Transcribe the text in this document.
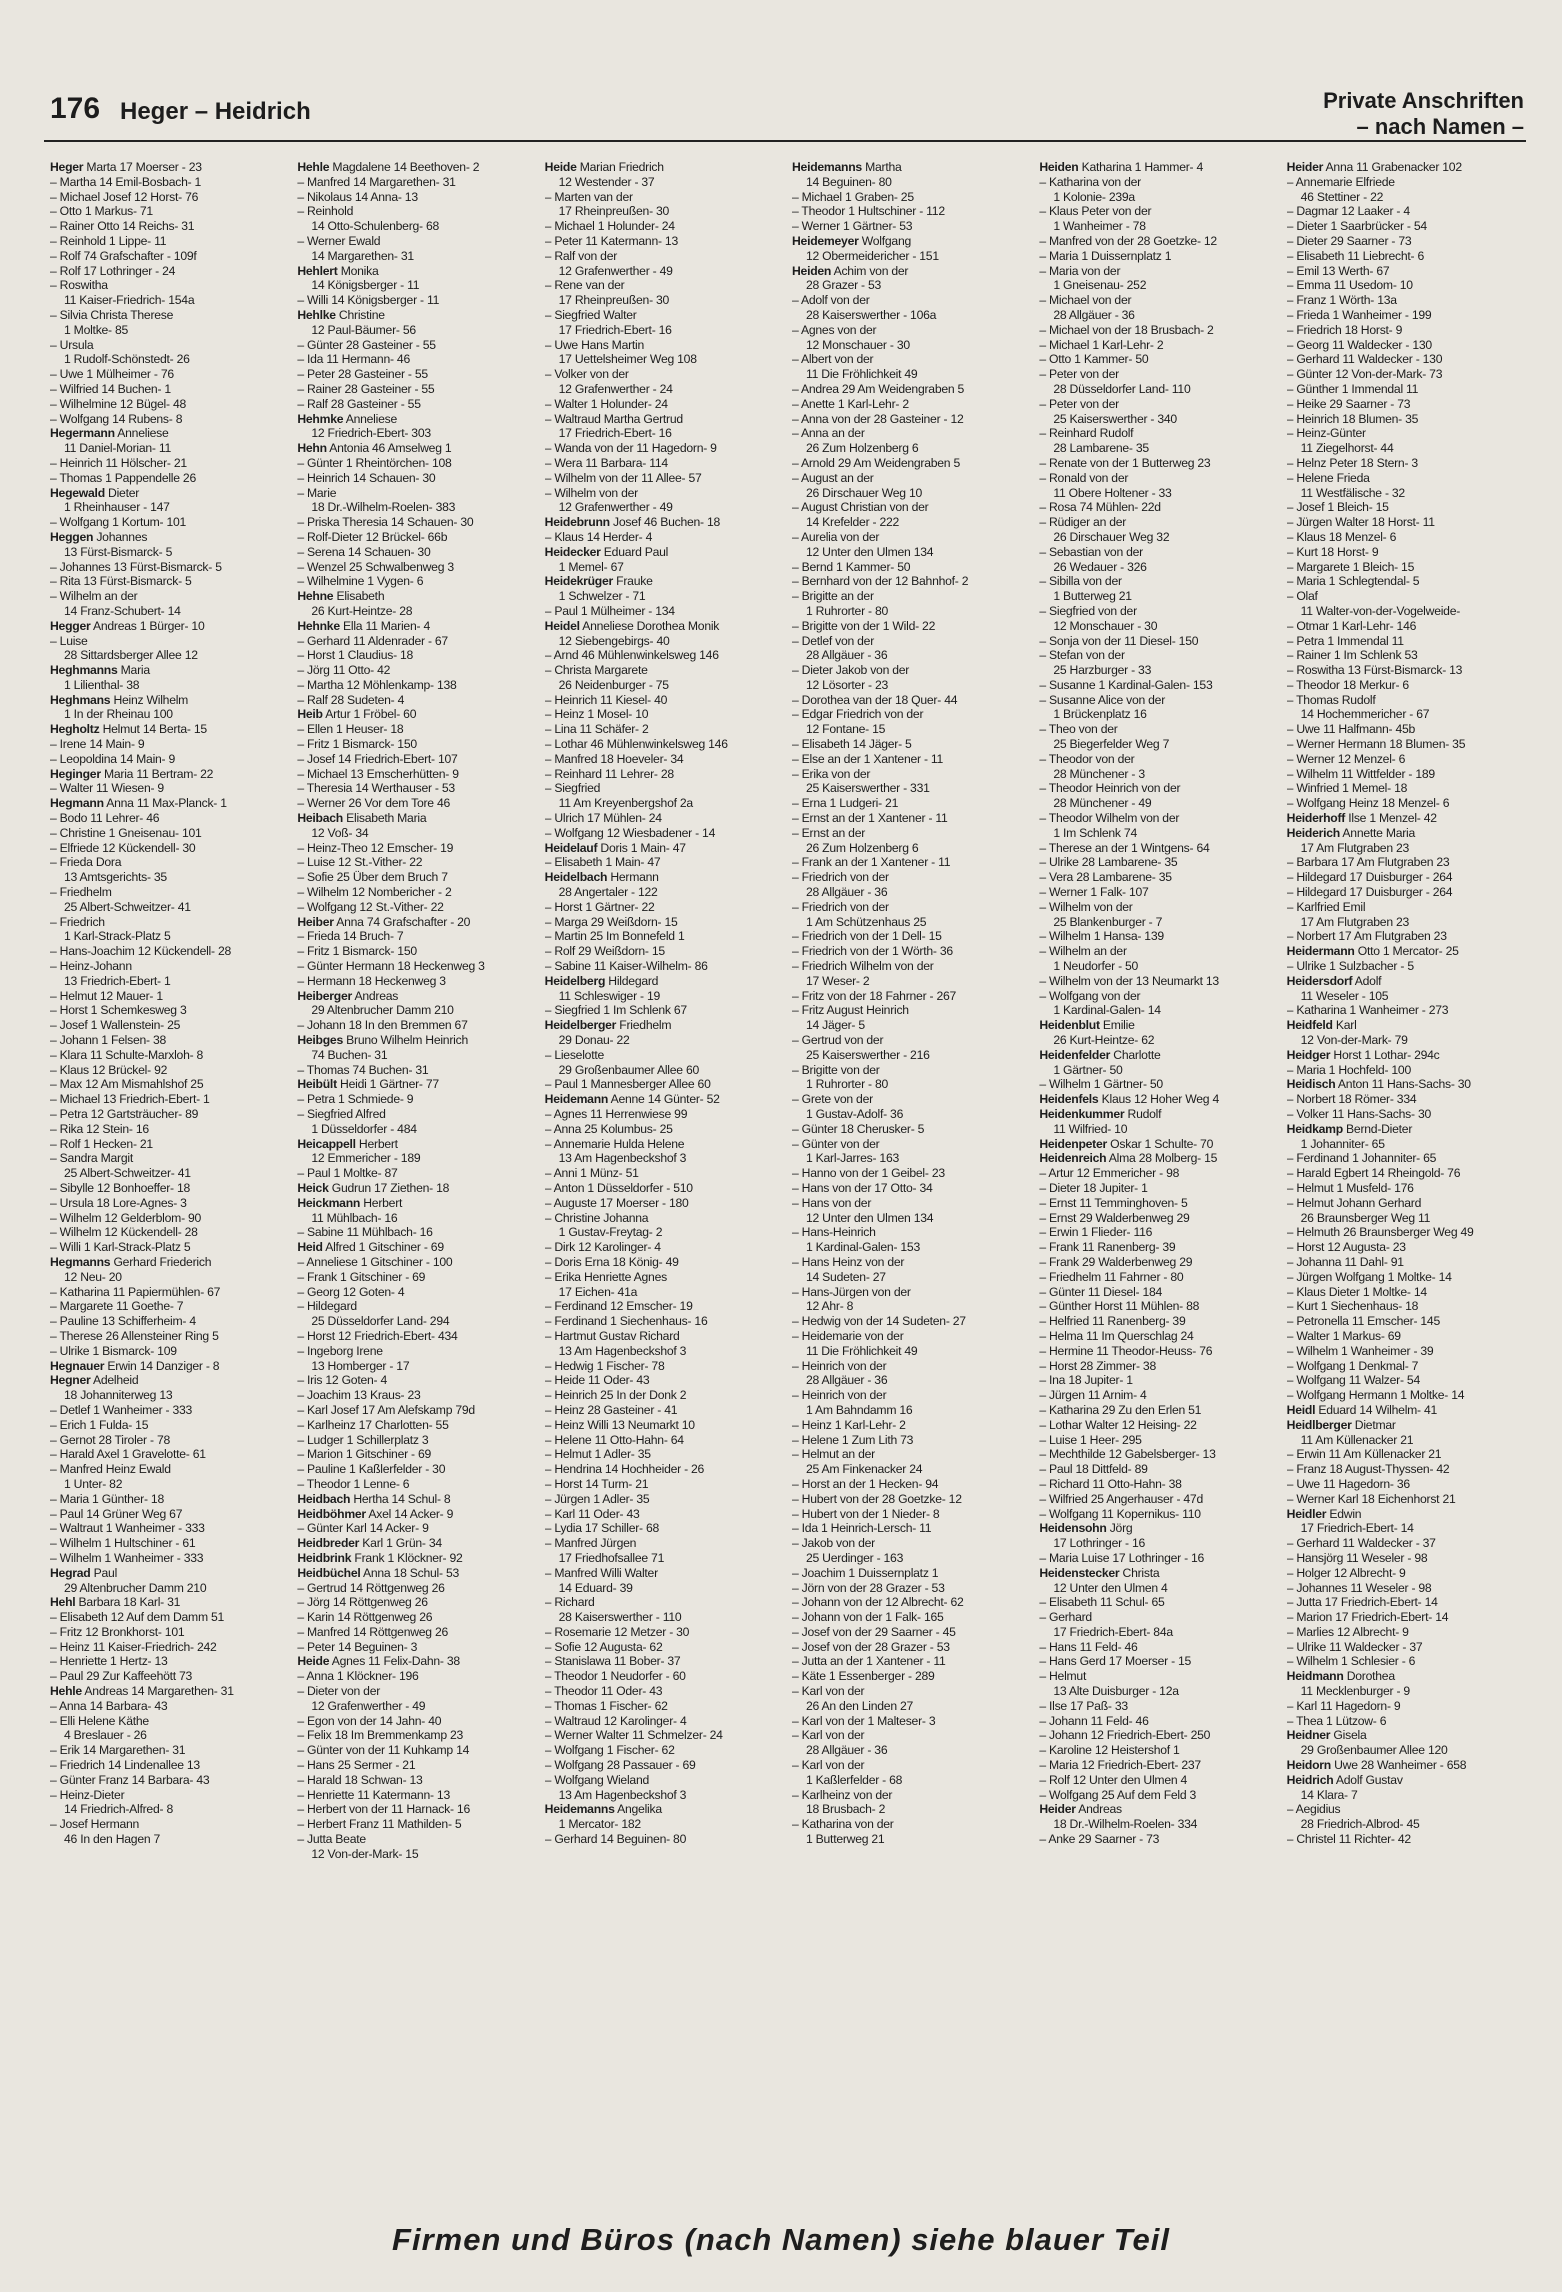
176 Heger – Heidrich	Private Anschriften
– nach Namen –
Heger Marta 17 Moerser - 23
– Martha 14 Emil-Bosbach- 1
– Michael Josef 12 Horst- 76
– Otto 1 Markus- 71
– Rainer Otto 14 Reichs- 31
– Reinhold 1 Lippe- 11
– Rolf 74 Grafschafter - 109f
– Rolf 17 Lothringer - 24
– Roswitha
11 Kaiser-Friedrich- 154a
– Silvia Christa Therese
1 Moltke- 85
– Ursula
1 Rudolf-Schönstedt- 26
– Uwe 1 Mülheimer - 76
– Wilfried 14 Buchen- 1
– Wilhelmine 12 Bügel- 48
– Wolfgang 14 Rubens- 8
Hegermann Anneliese
11 Daniel-Morian- 11
– Heinrich 11 Hölscher- 21
– Thomas 1 Pappendelle 26
Hegewald Dieter
1 Rheinhauser - 147
– Wolfgang 1 Kortum- 101
Heggen Johannes
13 Fürst-Bismarck- 5
– Johannes 13 Fürst-Bismarck- 5
– Rita 13 Fürst-Bismarck- 5
– Wilhelm an der
14 Franz-Schubert- 14
Hegger Andreas 1 Bürger- 10
– Luise
28 Sittardsberger Allee 12
Heghmanns Maria
1 Lilienthal- 38
Heghmans Heinz Wilhelm
1 In der Rheinau 100
Hegholtz Helmut 14 Berta- 15
– Irene 14 Main- 9
– Leopoldina 14 Main- 9
Heginger Maria 11 Bertram- 22
– Walter 11 Wiesen- 9
Hegmann Anna 11 Max-Planck- 1
– Bodo 11 Lehrer- 46
– Christine 1 Gneisenau- 101
– Elfriede 12 Kückendell- 30
– Frieda Dora
13 Amtsgerichts- 35
– Friedhelm
25 Albert-Schweitzer- 41
– Friedrich
1 Karl-Strack-Platz 5
– Hans-Joachim 12 Kückendell- 28
– Heinz-Johann
13 Friedrich-Ebert- 1
– Helmut 12 Mauer- 1
– Horst 1 Schemkesweg 3
– Josef 1 Wallenstein- 25
– Johann 1 Felsen- 38
– Klara 11 Schulte-Marxloh- 8
– Klaus 12 Brückel- 92
– Max 12 Am Mismahlshof 25
– Michael 13 Friedrich-Ebert- 1
– Petra 12 Gartsträucher- 89
– Rika 12 Stein- 16
– Rolf 1 Hecken- 21
– Sandra Margit
25 Albert-Schweitzer- 41
– Sibylle 12 Bonhoeffer- 18
– Ursula 18 Lore-Agnes- 3
– Wilhelm 12 Gelderblom- 90
– Wilhelm 12 Kückendell- 28
– Willi 1 Karl-Strack-Platz 5
Hegmanns Gerhard Friederich
12 Neu- 20
– Katharina 11 Papiermühlen- 67
– Margarete 11 Goethe- 7
– Pauline 13 Schifferheim- 4
– Therese 26 Allensteiner Ring 5
– Ulrike 1 Bismarck- 109
Hegnauer Erwin 14 Danziger - 8
Hegner Adelheid
18 Johanniterweg 13
– Detlef 1 Wanheimer - 333
– Erich 1 Fulda- 15
– Gernot 28 Tiroler - 78
– Harald Axel 1 Gravelotte- 61
– Manfred Heinz Ewald
1 Unter- 82
– Maria 1 Günther- 18
– Paul 14 Grüner Weg 67
– Waltraut 1 Wanheimer - 333
– Wilhelm 1 Hultschiner - 61
– Wilhelm 1 Wanheimer - 333
Hegrad Paul
29 Altenbrucher Damm 210
Hehl Barbara 18 Karl- 31
– Elisabeth 12 Auf dem Damm 51
– Fritz 12 Bronkhorst- 101
– Heinz 11 Kaiser-Friedrich- 242
– Henriette 1 Hertz- 13
– Paul 29 Zur Kaffeehött 73
Hehle Andreas 14 Margarethen- 31
– Anna 14 Barbara- 43
– Elli Helene Käthe
4 Breslauer - 26
– Erik 14 Margarethen- 31
– Friedrich 14 Lindenallee 13
– Günter Franz 14 Barbara- 43
– Heinz-Dieter
14 Friedrich-Alfred- 8
– Josef Hermann
46 In den Hagen 7
Hehle Magdalene 14 Beethoven- 2
– Manfred 14 Margarethen- 31
– Nikolaus 14 Anna- 13
– Reinhold
14 Otto-Schulenberg- 68
– Werner Ewald
14 Margarethen- 31
Hehlert Monika
14 Königsberger - 11
– Willi 14 Königsberger - 11
Hehlke Christine
12 Paul-Bäumer- 56
– Günter 28 Gasteiner - 55
– Ida 11 Hermann- 46
– Peter 28 Gasteiner - 55
– Rainer 28 Gasteiner - 55
– Ralf 28 Gasteiner - 55
Hehmke Anneliese
12 Friedrich-Ebert- 303
Hehn Antonia 46 Amselweg 1
– Günter 1 Rheintörchen- 108
– Heinrich 14 Schauen- 30
– Marie
18 Dr.-Wilhelm-Roelen- 383
– Priska Theresia 14 Schauen- 30
– Rolf-Dieter 12 Brückel- 66b
– Serena 14 Schauen- 30
– Wenzel 25 Schwalbenweg 3
– Wilhelmine 1 Vygen- 6
Hehne Elisabeth
26 Kurt-Heintze- 28
Hehnke Ella 11 Marien- 4
– Gerhard 11 Aldenrader - 67
– Horst 1 Claudius- 18
– Jörg 11 Otto- 42
– Martha 12 Möhlenkamp- 138
– Ralf 28 Sudeten- 4
Heib Artur 1 Fröbel- 60
– Ellen 1 Heuser- 18
– Fritz 1 Bismarck- 150
– Josef 14 Friedrich-Ebert- 107
– Michael 13 Emscherhütten- 9
– Theresia 14 Werthauser - 53
– Werner 26 Vor dem Tore 46
Heibach Elisabeth Maria
12 Voß- 34
– Heinz-Theo 12 Emscher- 19
– Luise 12 St.-Vither- 22
– Sofie 25 Über dem Bruch 7
– Wilhelm 12 Nombericher - 2
– Wolfgang 12 St.-Vither- 22
Heiber Anna 74 Grafschafter - 20
– Frieda 14 Bruch- 7
– Fritz 1 Bismarck- 150
– Günter Hermann 18 Heckenweg 3
– Hermann 18 Heckenweg 3
Heiberger Andreas
29 Altenbrucher Damm 210
– Johann 18 In den Bremmen 67
Heibges Bruno Wilhelm Heinrich
74 Buchen- 31
– Thomas 74 Buchen- 31
Heibült Heidi 1 Gärtner- 77
– Petra 1 Schmiede- 9
– Siegfried Alfred
1 Düsseldorfer - 484
Heicappell Herbert
12 Emmericher - 189
– Paul 1 Moltke- 87
Heick Gudrun 17 Ziethen- 18
Heickmann Herbert
11 Mühlbach- 16
– Sabine 11 Mühlbach- 16
Heid Alfred 1 Gitschiner - 69
– Anneliese 1 Gitschiner - 100
– Frank 1 Gitschiner - 69
– Georg 12 Goten- 4
– Hildegard
25 Düsseldorfer Land- 294
– Horst 12 Friedrich-Ebert- 434
– Ingeborg Irene
13 Homberger - 17
– Iris 12 Goten- 4
– Joachim 13 Kraus- 23
– Karl Josef 17 Am Alefskamp 79d
– Karlheinz 17 Charlotten- 55
– Ludger 1 Schillerplatz 3
– Marion 1 Gitschiner - 69
– Pauline 1 Kaßlerfelder - 30
– Theodor 1 Lenne- 6
Heidbach Hertha 14 Schul- 8
Heidböhmer Axel 14 Acker- 9
– Günter Karl 14 Acker- 9
Heidbreder Karl 1 Grün- 34
Heidbrink Frank 1 Klöckner- 92
Heidbüchel Anna 18 Schul- 53
– Gertrud 14 Röttgenweg 26
– Jörg 14 Röttgenweg 26
– Karin 14 Röttgenweg 26
– Manfred 14 Röttgenweg 26
– Peter 14 Beguinen- 3
Heide Agnes 11 Felix-Dahn- 38
– Anna 1 Klöckner- 196
– Dieter von der
12 Grafenwerther - 49
– Egon von der 14 Jahn- 40
– Felix 18 Im Bremmenkamp 23
– Günter von der 11 Kuhkamp 14
– Hans 25 Sermer - 21
– Harald 18 Schwan- 13
– Henriette 11 Katermann- 13
– Herbert von der 11 Harnack- 16
– Herbert Franz 11 Mathilden- 5
– Jutta Beate
12 Von-der-Mark- 15
Heide Marian Friedrich
12 Westender - 37
– Marten van der
17 Rheinpreußen- 30
– Michael 1 Holunder- 24
– Peter 11 Katermann- 13
– Ralf von der
12 Grafenwerther - 49
– Rene van der
17 Rheinpreußen- 30
– Siegfried Walter
17 Friedrich-Ebert- 16
– Uwe Hans Martin
17 Uettelsheimer Weg 108
– Volker von der
12 Grafenwerther - 24
– Walter 1 Holunder- 24
– Waltraud Martha Gertrud
17 Friedrich-Ebert- 16
– Wanda von der 11 Hagedorn- 9
– Wera 11 Barbara- 114
– Wilhelm von der 11 Allee- 57
– Wilhelm von der
12 Grafenwerther - 49
Heidebrunn Josef 46 Buchen- 18
– Klaus 14 Herder- 4
Heidecker Eduard Paul
1 Memel- 67
Heidekrüger Frauke
1 Schwelzer - 71
– Paul 1 Mülheimer - 134
Heidel Anneliese Dorothea Monik
12 Siebengebirgs- 40
– Arnd 46 Mühlenwinkelsweg 146
– Christa Margarete
26 Neidenburger - 75
– Heinrich 11 Kiesel- 40
– Heinz 1 Mosel- 10
– Lina 11 Schäfer- 2
– Lothar 46 Mühlenwinkelsweg 146
– Manfred 18 Hoeveler- 34
– Reinhard 11 Lehrer- 28
– Siegfried
11 Am Kreyenbergshof 2a
– Ulrich 17 Mühlen- 24
– Wolfgang 12 Wiesbadener - 14
Heidelauf Doris 1 Main- 47
– Elisabeth 1 Main- 47
Heidelbach Hermann
28 Angertaler - 122
– Horst 1 Gärtner- 22
– Marga 29 Weißdorn- 15
– Martin 25 Im Bonnefeld 1
– Rolf 29 Weißdorn- 15
– Sabine 11 Kaiser-Wilhelm- 86
Heidelberg Hildegard
11 Schleswiger - 19
– Siegfried 1 Im Schlenk 67
Heidelberger Friedhelm
29 Donau- 22
– Lieselotte
29 Großenbaumer Allee 60
– Paul 1 Mannesberger Allee 60
Heidemann Aenne 14 Günter- 52
– Agnes 11 Herrenwiese 99
– Anna 25 Kolumbus- 25
– Annemarie Hulda Helene
13 Am Hagenbeckshof 3
– Anni 1 Münz- 51
– Anton 1 Düsseldorfer - 510
– Auguste 17 Moerser - 180
– Christine Johanna
1 Gustav-Freytag- 2
– Dirk 12 Karolinger- 4
– Doris Erna 18 König- 49
– Erika Henriette Agnes
17 Eichen- 41a
– Ferdinand 12 Emscher- 19
– Ferdinand 1 Siechenhaus- 16
– Hartmut Gustav Richard
13 Am Hagenbeckshof 3
– Hedwig 1 Fischer- 78
– Heide 11 Oder- 43
– Heinrich 25 In der Donk 2
– Heinz 28 Gasteiner - 41
– Heinz Willi 13 Neumarkt 10
– Helene 11 Otto-Hahn- 64
– Helmut 1 Adler- 35
– Hendrina 14 Hochheider - 26
– Horst 14 Turm- 21
– Jürgen 1 Adler- 35
– Karl 11 Oder- 43
– Lydia 17 Schiller- 68
– Manfred Jürgen
17 Friedhofsallee 71
– Manfred Willi Walter
14 Eduard- 39
– Richard
28 Kaiserswerther - 110
– Rosemarie 12 Metzer - 30
– Sofie 12 Augusta- 62
– Stanislawa 11 Bober- 37
– Theodor 1 Neudorfer - 60
– Theodor 11 Oder- 43
– Thomas 1 Fischer- 62
– Waltraud 12 Karolinger- 4
– Werner Walter 11 Schmelzer- 24
– Wolfgang 1 Fischer- 62
– Wolfgang 28 Passauer - 69
– Wolfgang Wieland
13 Am Hagenbeckshof 3
Heidemanns Angelika
1 Mercator- 182
– Gerhard 14 Beguinen- 80
Heidemanns Martha
14 Beguinen- 80
– Michael 1 Graben- 25
– Theodor 1 Hultschiner - 112
– Werner 1 Gärtner- 53
Heidemeyer Wolfgang
12 Obermeidericher - 151
Heiden Achim von der
28 Grazer - 53
– Adolf von der
28 Kaiserswerther - 106a
– Agnes von der
12 Monschauer - 30
– Albert von der
11 Die Fröhlichkeit 49
– Andrea 29 Am Weidengraben 5
– Anette 1 Karl-Lehr- 2
– Anna von der 28 Gasteiner - 12
– Anna an der
26 Zum Holzenberg 6
– Arnold 29 Am Weidengraben 5
– August an der
26 Dirschauer Weg 10
– August Christian von der
14 Krefelder - 222
– Aurelia von der
12 Unter den Ulmen 134
– Bernd 1 Kammer- 50
– Bernhard von der 12 Bahnhof- 2
– Brigitte an der
1 Ruhrorter - 80
– Brigitte von der 1 Wild- 22
– Detlef von der
28 Allgäuer - 36
– Dieter Jakob von der
12 Lösorter - 23
– Dorothea van der 18 Quer- 44
– Edgar Friedrich von der
12 Fontane- 15
– Elisabeth 14 Jäger- 5
– Else an der 1 Xantener - 11
– Erika von der
25 Kaiserswerther - 331
– Erna 1 Ludgeri- 21
– Ernst an der 1 Xantener - 11
– Ernst an der
26 Zum Holzenberg 6
– Frank an der 1 Xantener - 11
– Friedrich von der
28 Allgäuer - 36
– Friedrich von der
1 Am Schützenhaus 25
– Friedrich von der 1 Dell- 15
– Friedrich von der 1 Wörth- 36
– Friedrich Wilhelm von der
17 Weser- 2
– Fritz von der 18 Fahrner - 267
– Fritz August Heinrich
14 Jäger- 5
– Gertrud von der
25 Kaiserswerther - 216
– Brigitte von der
1 Ruhrorter - 80
– Grete von der
1 Gustav-Adolf- 36
– Günter 18 Cherusker- 5
– Günter von der
1 Karl-Jarres- 163
– Hanno von der 1 Geibel- 23
– Hans von der 17 Otto- 34
– Hans von der
12 Unter den Ulmen 134
– Hans-Heinrich
1 Kardinal-Galen- 153
– Hans Heinz von der
14 Sudeten- 27
– Hans-Jürgen von der
12 Ahr- 8
– Hedwig von der 14 Sudeten- 27
– Heidemarie von der
11 Die Fröhlichkeit 49
– Heinrich von der
28 Allgäuer - 36
– Heinrich von der
1 Am Bahndamm 16
– Heinz 1 Karl-Lehr- 2
– Helene 1 Zum Lith 73
– Helmut an der
25 Am Finkenacker 24
– Horst an der 1 Hecken- 94
– Hubert von der 28 Goetzke- 12
– Hubert von der 1 Nieder- 8
– Ida 1 Heinrich-Lersch- 11
– Jakob von der
25 Uerdinger - 163
– Joachim 1 Duissernplatz 1
– Jörn von der 28 Grazer - 53
– Johann von der 12 Albrecht- 62
– Johann von der 1 Falk- 165
– Josef von der 29 Saarner - 45
– Josef von der 28 Grazer - 53
– Jutta an der 1 Xantener - 11
– Käte 1 Essenberger - 289
– Karl von der
26 An den Linden 27
– Karl von der 1 Malteser- 3
– Karl von der
28 Allgäuer - 36
– Karl von der
1 Kaßlerfelder - 68
– Karlheinz von der
18 Brusbach- 2
– Katharina von der
1 Butterweg 21
Heiden Katharina 1 Hammer- 4
– Katharina von der
1 Kolonie- 239a
– Klaus Peter von der
1 Wanheimer - 78
– Manfred von der 28 Goetzke- 12
– Maria 1 Duissernplatz 1
– Maria von der
1 Gneisenau- 252
– Michael von der
28 Allgäuer - 36
– Michael von der 18 Brusbach- 2
– Michael 1 Karl-Lehr- 2
– Otto 1 Kammer- 50
– Peter von der
28 Düsseldorfer Land- 110
– Peter von der
25 Kaiserswerther - 340
– Reinhard Rudolf
28 Lambarene- 35
– Renate von der 1 Butterweg 23
– Ronald von der
11 Obere Holtener - 33
– Rosa 74 Mühlen- 22d
– Rüdiger an der
26 Dirschauer Weg 32
– Sebastian von der
26 Wedauer - 326
– Sibilla von der
1 Butterweg 21
– Siegfried von der
12 Monschauer - 30
– Sonja von der 11 Diesel- 150
– Stefan von der
25 Harzburger - 33
– Susanne 1 Kardinal-Galen- 153
– Susanne Alice von der
1 Brückenplatz 16
– Theo von der
25 Biegerfelder Weg 7
– Theodor von der
28 Münchener - 3
– Theodor Heinrich von der
28 Münchener - 49
– Theodor Wilhelm von der
1 Im Schlenk 74
– Therese an der 1 Wintgens- 64
– Ulrike 28 Lambarene- 35
– Vera 28 Lambarene- 35
– Werner 1 Falk- 107
– Wilhelm von der
25 Blankenburger - 7
– Wilhelm 1 Hansa- 139
– Wilhelm an der
1 Neudorfer - 50
– Wilhelm von der 13 Neumarkt 13
– Wolfgang von der
1 Kardinal-Galen- 14
Heidenblut Emilie
26 Kurt-Heintze- 62
Heidenfelder Charlotte
1 Gärtner- 50
– Wilhelm 1 Gärtner- 50
Heidenfels Klaus 12 Hoher Weg 4
Heidenkummer Rudolf
11 Wilfried- 10
Heidenpeter Oskar 1 Schulte- 70
Heidenreich Alma 28 Molberg- 15
– Artur 12 Emmericher - 98
– Dieter 18 Jupiter- 1
– Ernst 11 Temminghoven- 5
– Ernst 29 Walderbenweg 29
– Erwin 1 Flieder- 116
– Frank 11 Ranenberg- 39
– Frank 29 Walderbenweg 29
– Friedhelm 11 Fahrner - 80
– Günter 11 Diesel- 184
– Günther Horst 11 Mühlen- 88
– Helfried 11 Ranenberg- 39
– Helma 11 Im Querschlag 24
– Hermine 11 Theodor-Heuss- 76
– Horst 28 Zimmer- 38
– Ina 18 Jupiter- 1
– Jürgen 11 Arnim- 4
– Katharina 29 Zu den Erlen 51
– Lothar Walter 12 Heising- 22
– Luise 1 Heer- 295
– Mechthilde 12 Gabelsberger- 13
– Paul 18 Dittfeld- 89
– Richard 11 Otto-Hahn- 38
– Wilfried 25 Angerhauser - 47d
– Wolfgang 11 Kopernikus- 110
Heidensohn Jörg
17 Lothringer - 16
– Maria Luise 17 Lothringer - 16
Heidenstecker Christa
12 Unter den Ulmen 4
– Elisabeth 11 Schul- 65
– Gerhard
17 Friedrich-Ebert- 84a
– Hans 11 Feld- 46
– Hans Gerd 17 Moerser - 15
– Helmut
13 Alte Duisburger - 12a
– Ilse 17 Paß- 33
– Johann 11 Feld- 46
– Johann 12 Friedrich-Ebert- 250
– Karoline 12 Heistershof 1
– Maria 12 Friedrich-Ebert- 237
– Rolf 12 Unter den Ulmen 4
– Wolfgang 25 Auf dem Feld 3
Heider Andreas
18 Dr.-Wilhelm-Roelen- 334
– Anke 29 Saarner - 73
Heider Anna 11 Grabenacker 102
– Annemarie Elfriede
46 Stettiner - 22
– Dagmar 12 Laaker - 4
– Dieter 1 Saarbrücker - 54
– Dieter 29 Saarner - 73
– Elisabeth 11 Liebrecht- 6
– Emil 13 Werth- 67
– Emma 11 Usedom- 10
– Franz 1 Wörth- 13a
– Frieda 1 Wanheimer - 199
– Friedrich 18 Horst- 9
– Georg 11 Waldecker - 130
– Gerhard 11 Waldecker - 130
– Günter 12 Von-der-Mark- 73
– Günther 1 Immendal 11
– Heike 29 Saarner - 73
– Heinrich 18 Blumen- 35
– Heinz-Günter
11 Ziegelhorst- 44
– Helnz Peter 18 Stern- 3
– Helene Frieda
11 Westfälische - 32
– Josef 1 Bleich- 15
– Jürgen Walter 18 Horst- 11
– Klaus 18 Menzel- 6
– Kurt 18 Horst- 9
– Margarete 1 Bleich- 15
– Maria 1 Schlegtendal- 5
– Olaf
11 Walter-von-der-Vogelweide-
– Otmar 1 Karl-Lehr- 146
– Petra 1 Immendal 11
– Rainer 1 Im Schlenk 53
– Roswitha 13 Fürst-Bismarck- 13
– Theodor 18 Merkur- 6
– Thomas Rudolf
14 Hochemmericher - 67
– Uwe 11 Halfmann- 45b
– Werner Hermann 18 Blumen- 35
– Werner 12 Menzel- 6
– Wilhelm 11 Wittfelder - 189
– Winfried 1 Memel- 18
– Wolfgang Heinz 18 Menzel- 6
Heiderhoff Ilse 1 Menzel- 42
Heiderich Annette Maria
17 Am Flutgraben 23
– Barbara 17 Am Flutgraben 23
– Hildegard 17 Duisburger - 264
– Hildegard 17 Duisburger - 264
– Karlfried Emil
17 Am Flutgraben 23
– Norbert 17 Am Flutgraben 23
Heidermann Otto 1 Mercator- 25
– Ulrike 1 Sulzbacher - 5
Heidersdorf Adolf
11 Weseler - 105
– Katharina 1 Wanheimer - 273
Heidfeld Karl
12 Von-der-Mark- 79
Heidger Horst 1 Lothar- 294c
– Maria 1 Hochfeld- 100
Heidisch Anton 11 Hans-Sachs- 30
– Norbert 18 Römer- 334
– Volker 11 Hans-Sachs- 30
Heidkamp Bernd-Dieter
1 Johanniter- 65
– Ferdinand 1 Johanniter- 65
– Harald Egbert 14 Rheingold- 76
– Helmut 1 Musfeld- 176
– Helmut Johann Gerhard
26 Braunsberger Weg 11
– Helmuth 26 Braunsberger Weg 49
– Horst 12 Augusta- 23
– Johanna 11 Dahl- 91
– Jürgen Wolfgang 1 Moltke- 14
– Klaus Dieter 1 Moltke- 14
– Kurt 1 Siechenhaus- 18
– Petronella 11 Emscher- 145
– Walter 1 Markus- 69
– Wilhelm 1 Wanheimer - 39
– Wolfgang 1 Denkmal- 7
– Wolfgang 11 Walzer- 54
– Wolfgang Hermann 1 Moltke- 14
Heidl Eduard 14 Wilhelm- 41
Heidlberger Dietmar
11 Am Küllenacker 21
– Erwin 11 Am Küllenacker 21
– Franz 18 August-Thyssen- 42
– Uwe 11 Hagedorn- 36
– Werner Karl 18 Eichenhorst 21
Heidler Edwin
17 Friedrich-Ebert- 14
– Gerhard 11 Waldecker - 37
– Hansjörg 11 Weseler - 98
– Holger 12 Albrecht- 9
– Johannes 11 Weseler - 98
– Jutta 17 Friedrich-Ebert- 14
– Marion 17 Friedrich-Ebert- 14
– Marlies 12 Albrecht- 9
– Ulrike 11 Waldecker - 37
– Wilhelm 1 Schlesier - 6
Heidmann Dorothea
11 Mecklenburger - 9
– Karl 11 Hagedorn- 9
– Thea 1 Lützow- 6
Heidner Gisela
29 Großenbaumer Allee 120
Heidorn Uwe 28 Wanheimer - 658
Heidrich Adolf Gustav
14 Klara- 7
– Aegidius
28 Friedrich-Albrod- 45
– Christel 11 Richter- 42
Firmen und Büros (nach Namen) siehe blauer Teil
